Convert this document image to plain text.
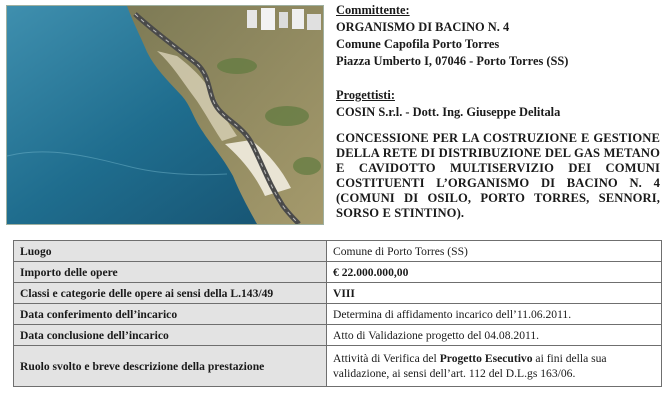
Committente:
ORGANISMO DI BACINO N. 4
Comune Capofila Porto Torres
Piazza Umberto I, 07046 - Porto Torres (SS)
Progettisti:
COSIN S.r.l. - Dott. Ing. Giuseppe Delitala
CONCESSIONE PER LA COSTRUZIONE E GESTIONE DELLA RETE DI DISTRIBUZIONE DEL GAS METANO E CAVIDOTTO MULTISERVIZIO DEI COMUNI COSTITUENTI L’ORGANISMO DI BACINO N. 4 (COMUNI DI OSILO, PORTO TORRES, SENNORI, SORSO E STINTINO).
Luogo	Comune di Porto Torres (SS)
Importo delle opere	€ 22.000.000,00
Classi e categorie delle opere ai sensi della L.143/49	VIII
Data conferimento dell’incarico	Determina di affidamento incarico dell’11.06.2011.
Data conclusione dell’incarico	Atto di Validazione progetto del 04.08.2011.
Ruolo svolto e breve descrizione della prestazione	Attività di Verifica del Progetto Esecutivo ai fini della sua validazione, ai sensi dell’art. 112 del D.L.gs 163/06.
